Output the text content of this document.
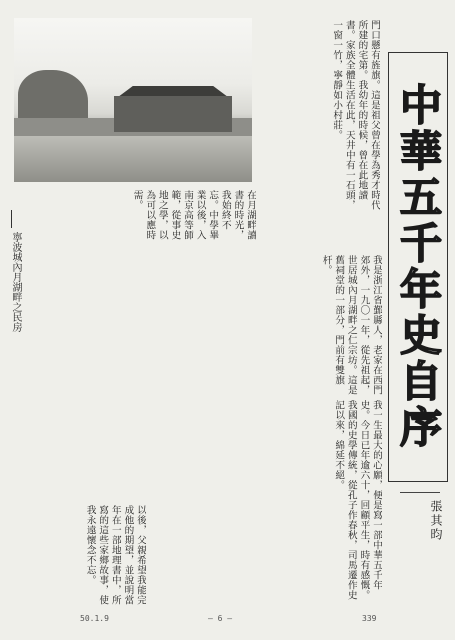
門口懸有旌旗。這是祖父曾在學為秀才時代所建的宅第。我幼年的時候，曾在此地讀書。家族全體生活在此，天井中有一石頭，一窗一竹，寧靜如小村莊。
在月湖畔讀書的時光，我始終不忘。中學畢業以後，入南京高等師範，從事史地之學，以為可以應時需。
寧波城內月湖畔之民房	我是浙江省鄞縣人，老家在西門郊外，一九〇一年，從先祖起，世居城內月湖畔之仁宗坊。這是舊祠堂的一部分，門前有雙旗杆。
我一生最大的心願，便是寫一部中華五千年史。今日已年逾六十，回顧平生，時有感慨。我國的史學傳統，從孔子作春秋，司馬遷作史記以來，綿延不絕。
以後，父親希望我能完成他的期望，並說明當年在一部地理書中，所寫的這些家鄉故事，使我永遠懷念不忘。

中華五千年史自序

張其昀

50.1.9	— 6 —	339
